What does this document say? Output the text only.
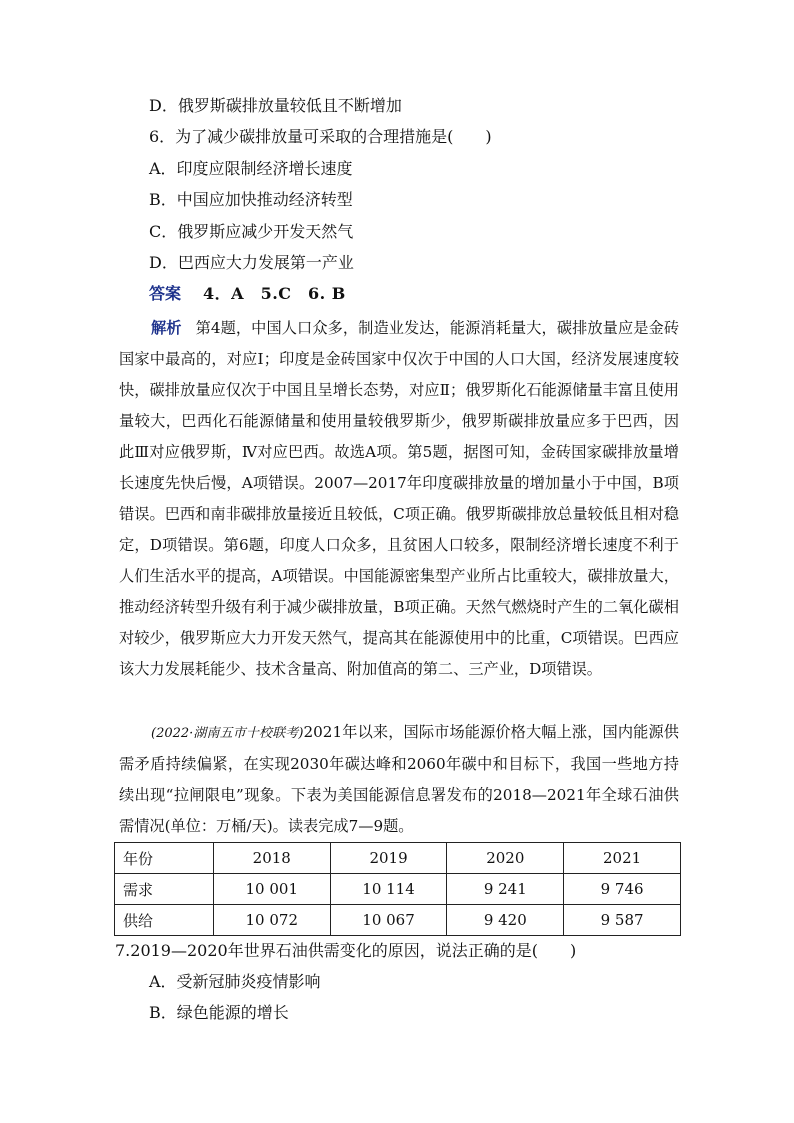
D．俄罗斯碳排放量较低且不断增加
6．为了减少碳排放量可采取的合理措施是(　　)
A．印度应限制经济增长速度
B．中国应加快推动经济转型
C．俄罗斯应减少开发天然气
D．巴西应大力发展第一产业
答案 4．A　5.C　6. B
解析 第4题，中国人口众多，制造业发达，能源消耗量大，碳排放量应是金砖国家中最高的，对应Ⅰ；印度是金砖国家中仅次于中国的人口大国，经济发展速度较快，碳排放量应仅次于中国且呈增长态势，对应Ⅱ；俄罗斯化石能源储量丰富且使用量较大，巴西化石能源储量和使用量较俄罗斯少，俄罗斯碳排放量应多于巴西，因此Ⅲ对应俄罗斯，Ⅳ对应巴西。故选A项。第5题，据图可知，金砖国家碳排放量增长速度先快后慢，A项错误。2007—2017年印度碳排放量的增加量小于中国，B项错误。巴西和南非碳排放量接近且较低，C项正确。俄罗斯碳排放总量较低且相对稳定，D项错误。第6题，印度人口众多，且贫困人口较多，限制经济增长速度不利于人们生活水平的提高，A项错误。中国能源密集型产业所占比重较大，碳排放量大，推动经济转型升级有利于减少碳排放量，B项正确。天然气燃烧时产生的二氧化碳相对较少，俄罗斯应大力开发天然气，提高其在能源使用中的比重，C项错误。巴西应该大力发展耗能少、技术含量高、附加值高的第二、三产业，D项错误。
(2022·湖南五市十校联考)2021年以来，国际市场能源价格大幅上涨，国内能源供需矛盾持续偏紧，在实现2030年碳达峰和2060年碳中和目标下，我国一些地方持续出现“拉闸限电”现象。下表为美国能源信息署发布的2018—2021年全球石油供需情况(单位：万桶/天)。读表完成7—9题。
年份	2018	2019	2020	2021
需求	10 001	10 114	9 241	9 746
供给	10 072	10 067	9 420	9 587
7.2019—2020年世界石油供需变化的原因，说法正确的是(　　)
A．受新冠肺炎疫情影响
B．绿色能源的增长
